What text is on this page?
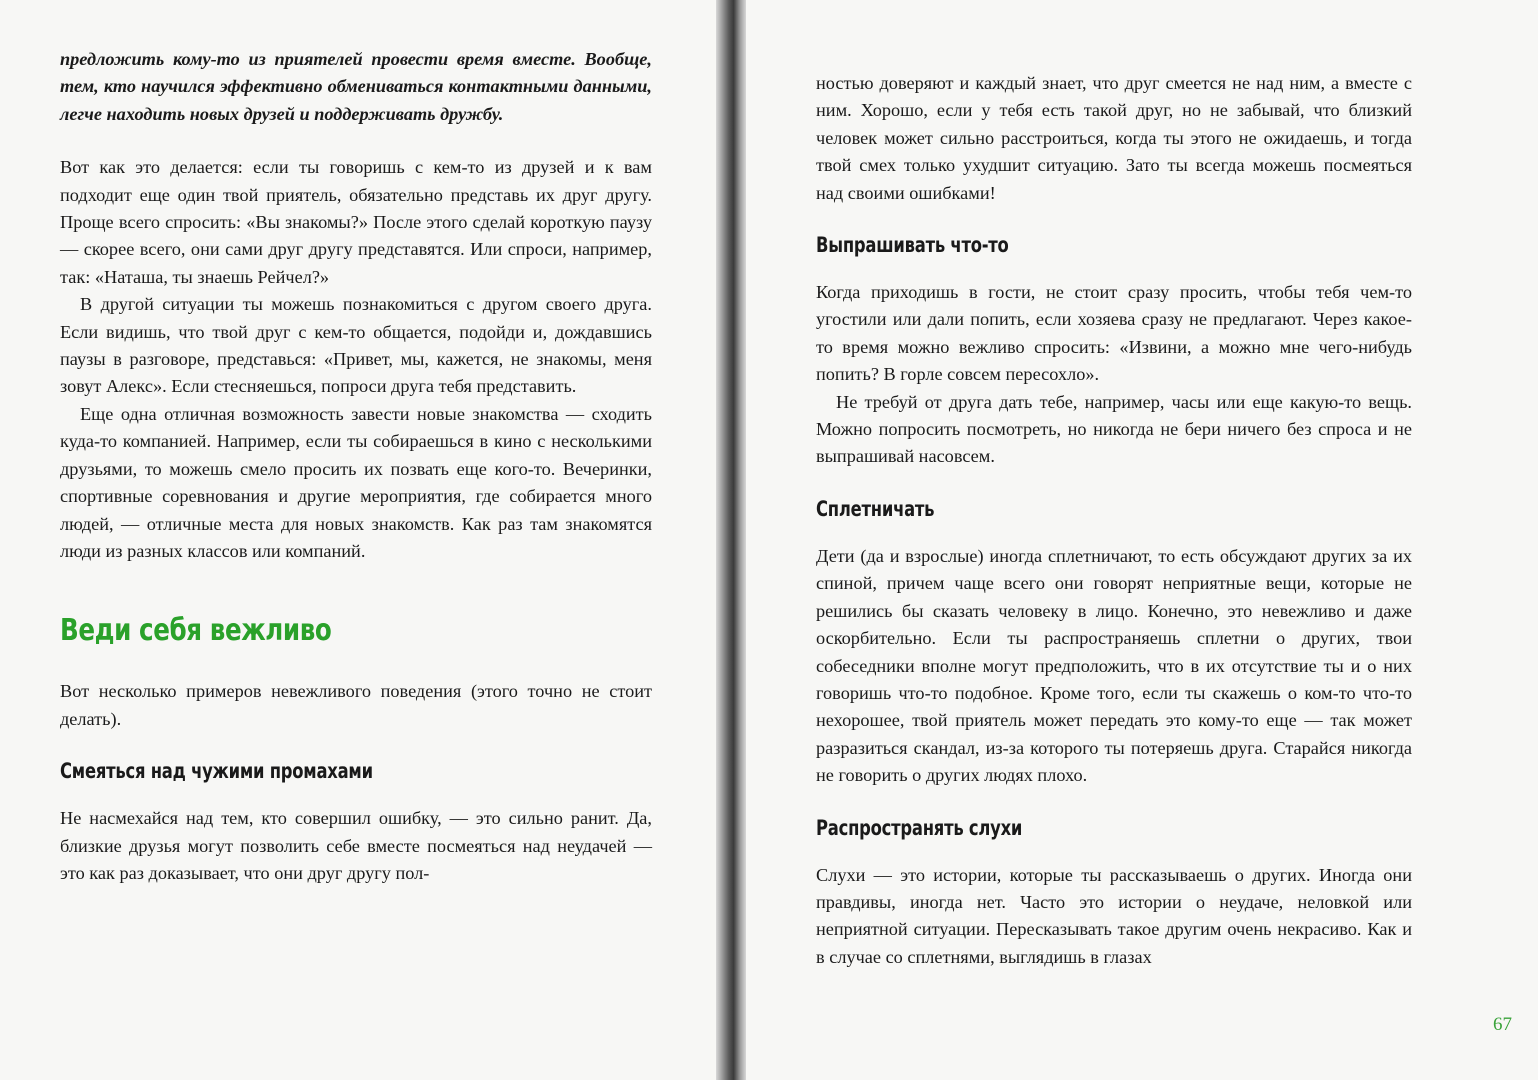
предложить кому-то из приятелей провести время вместе. Вообще, тем, кто научился эффективно обмениваться контактными данными, легче находить новых друзей и поддерживать дружбу.

Вот как это делается: если ты говоришь с кем-то из друзей и к вам подходит еще один твой приятель, обязательно представь их друг другу. Проще всего спросить: «Вы знакомы?» После этого сделай короткую паузу — скорее всего, они сами друг другу представятся. Или спроси, например, так: «Наташа, ты знаешь Рейчел?»

В другой ситуации ты можешь познакомиться с другом своего друга. Если видишь, что твой друг с кем-то общается, подойди и, дождавшись паузы в разговоре, представься: «Привет, мы, кажется, не знакомы, меня зовут Алекс». Если стесняешься, попроси друга тебя представить.

Еще одна отличная возможность завести новые знакомства — сходить куда-то компанией. Например, если ты собираешься в кино с несколькими друзьями, то можешь смело просить их позвать еще кого-то. Вечеринки, спортивные соревнования и другие мероприятия, где собирается много людей, — отличные места для новых знакомств. Как раз там знакомятся люди из разных классов или компаний.

Веди себя вежливо

Вот несколько примеров невежливого поведения (этого точно не стоит делать).

Смеяться над чужими промахами

Не насмехайся над тем, кто совершил ошибку, — это сильно ранит. Да, близкие друзья могут позволить себе вместе посмеяться над неудачей — это как раз доказывает, что они друг другу пол-

ностью доверяют и каждый знает, что друг смеется не над ним, а вместе с ним. Хорошо, если у тебя есть такой друг, но не забывай, что близкий человек может сильно расстроиться, когда ты этого не ожидаешь, и тогда твой смех только ухудшит ситуацию. Зато ты всегда можешь посмеяться над своими ошибками!

Выпрашивать что-то

Когда приходишь в гости, не стоит сразу просить, чтобы тебя чем-то угостили или дали попить, если хозяева сразу не предлагают. Через какое-то время можно вежливо спросить: «Извини, а можно мне чего-нибудь попить? В горле совсем пересохло».

Не требуй от друга дать тебе, например, часы или еще какую-то вещь. Можно попросить посмотреть, но никогда не бери ничего без спроса и не выпрашивай насовсем.

Сплетничать

Дети (да и взрослые) иногда сплетничают, то есть обсуждают других за их спиной, причем чаще всего они говорят неприятные вещи, которые не решились бы сказать человеку в лицо. Конечно, это невежливо и даже оскорбительно. Если ты распространяешь сплетни о других, твои собеседники вполне могут предположить, что в их отсутствие ты и о них говоришь что-то подобное. Кроме того, если ты скажешь о ком-то что-то нехорошее, твой приятель может передать это кому-то еще — так может разразиться скандал, из-за которого ты потеряешь друга. Старайся никогда не говорить о других людях плохо.

Распространять слухи

Слухи — это истории, которые ты рассказываешь о других. Иногда они правдивы, иногда нет. Часто это истории о неудаче, неловкой или неприятной ситуации. Пересказывать такое другим очень некрасиво. Как и в случае со сплетнями, выглядишь в глазах

67
